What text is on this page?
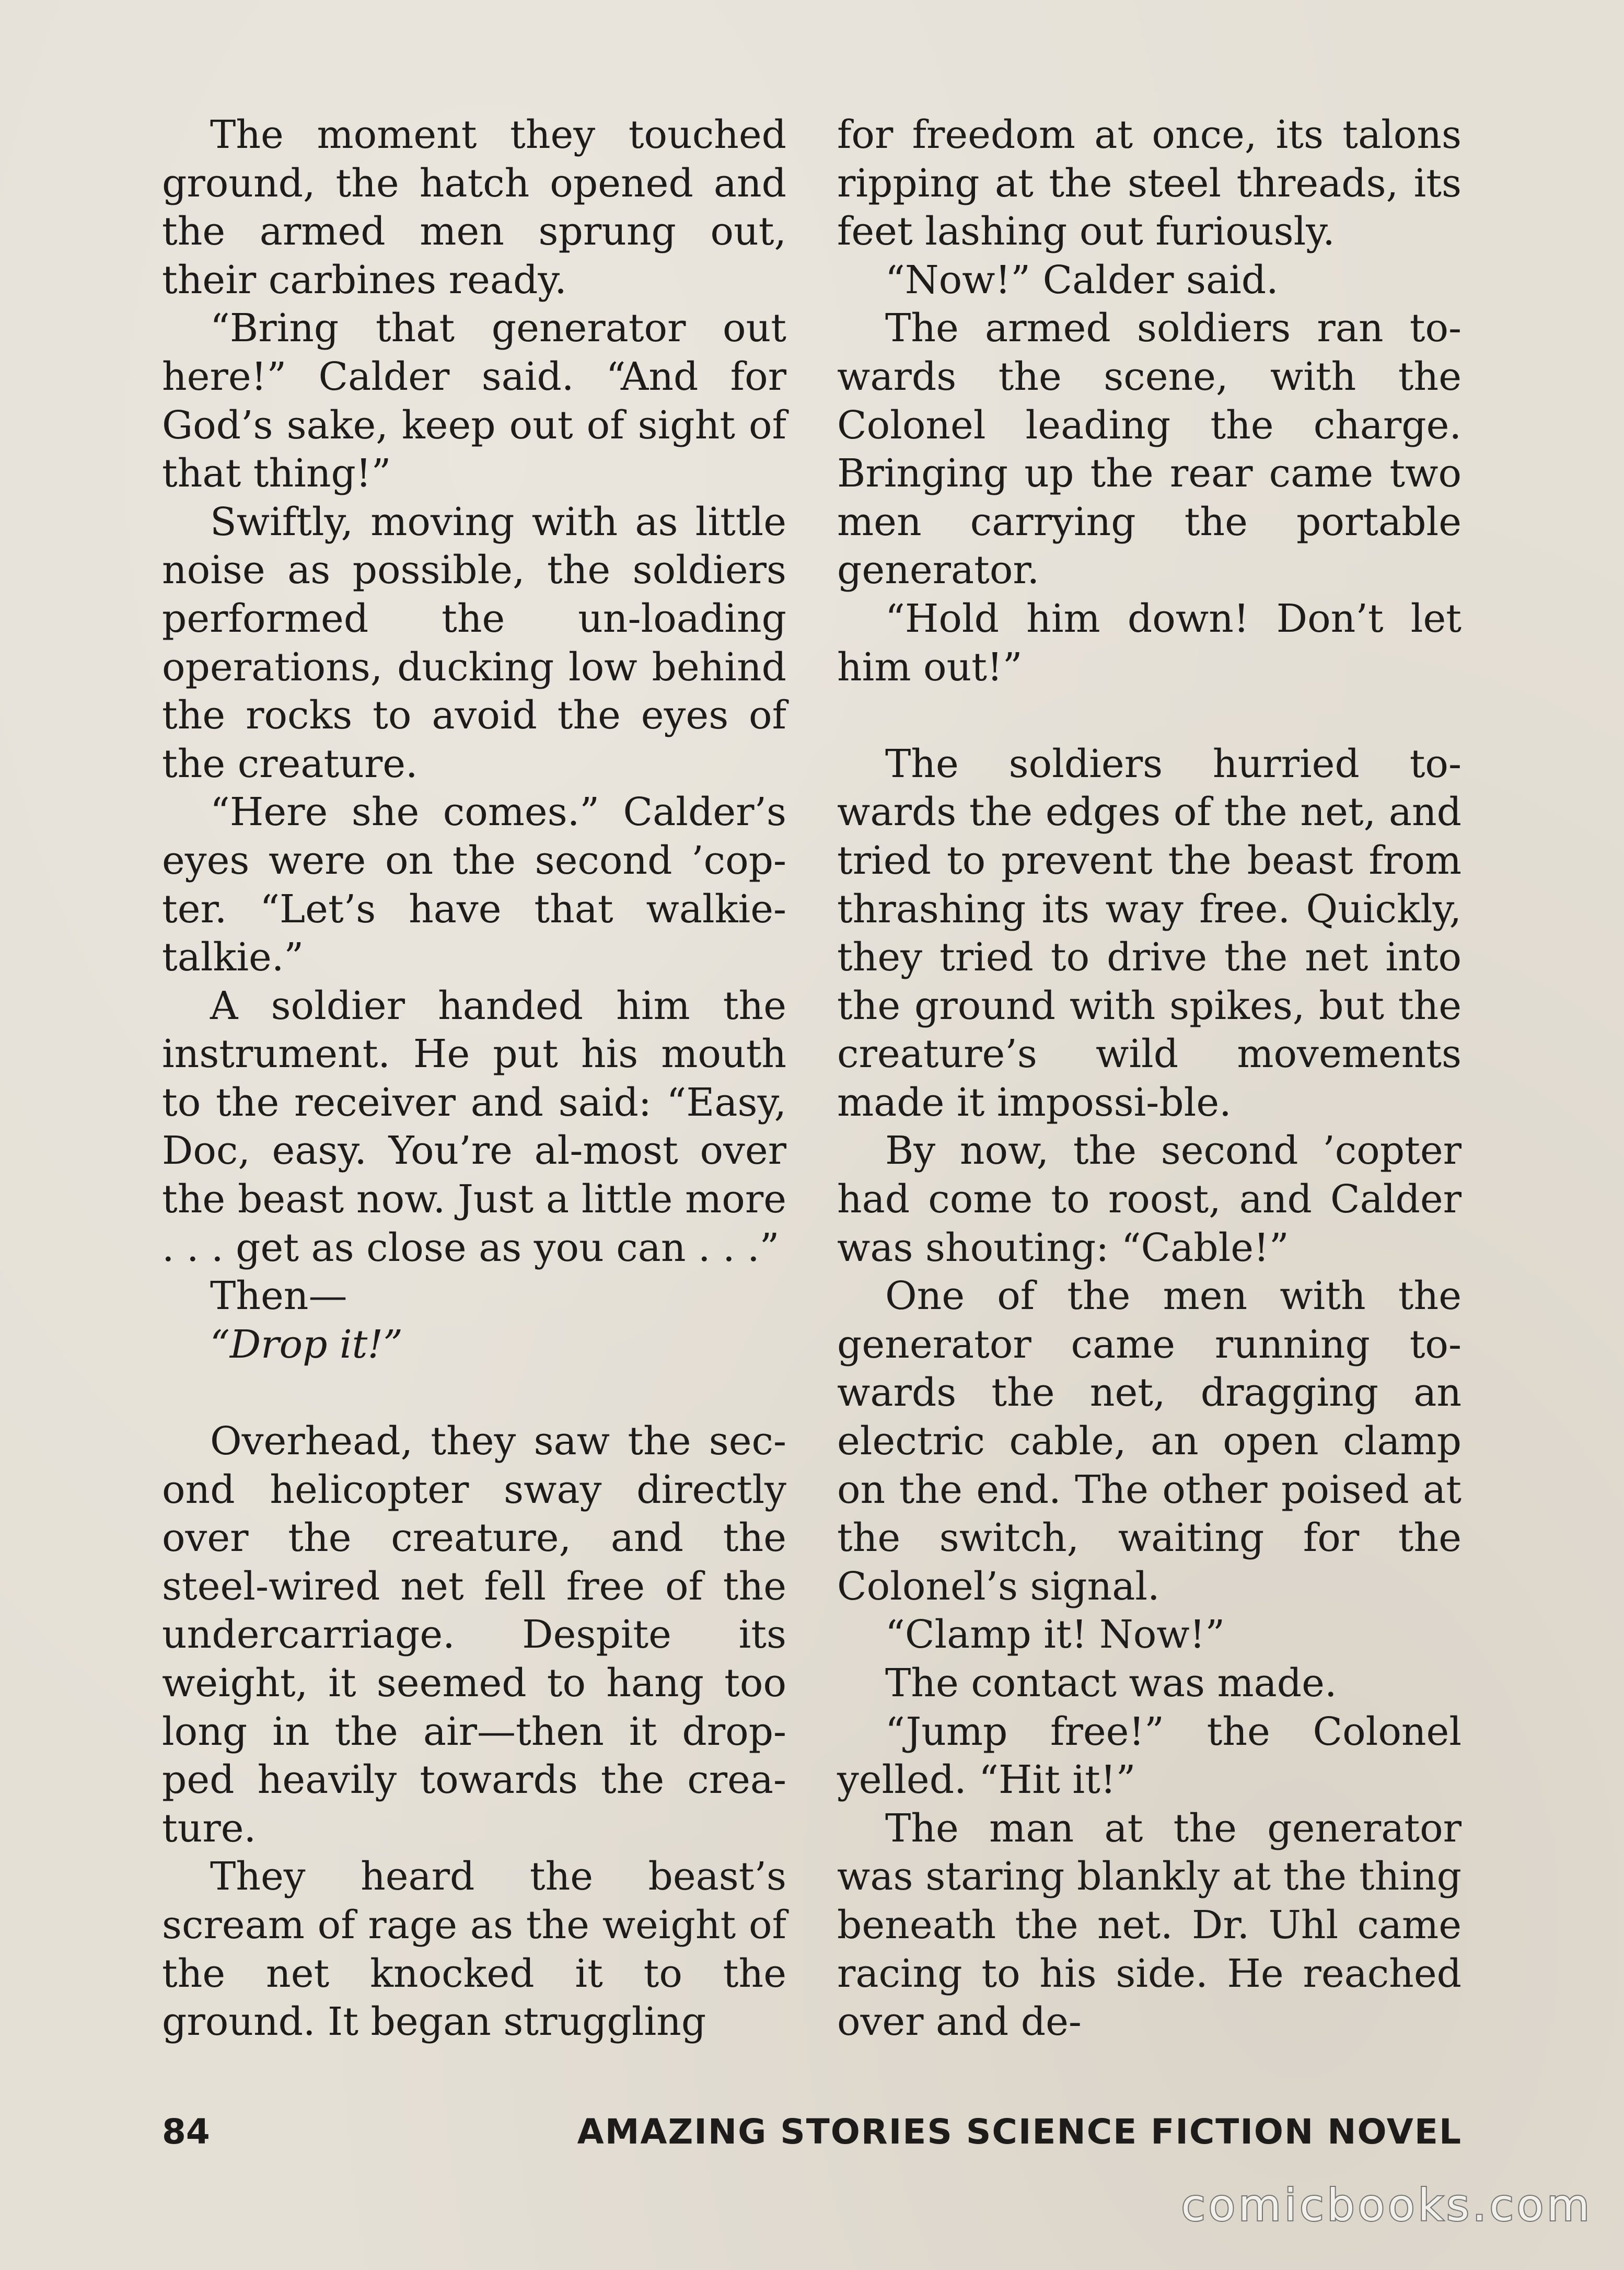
The moment they touched ground, the hatch opened and the armed men sprung out, their carbines ready.

“Bring that generator out here!” Calder said. “And for God’s sake, keep out of sight of that thing!”

Swiftly, moving with as little noise as possible, the soldiers performed the un-loading operations, ducking low behind the rocks to avoid the eyes of the creature.

“Here she comes.” Calder’s eyes were on the second ’cop-ter. “Let’s have that walkie-talkie.”

A soldier handed him the instrument. He put his mouth to the receiver and said: “Easy, Doc, easy. You’re al-most over the beast now. Just a little more . . . get as close as you can . . .”

Then—

“Drop it!”

Overhead, they saw the sec-ond helicopter sway directly over the creature, and the steel-wired net fell free of the undercarriage. Despite its weight, it seemed to hang too long in the air—then it drop-ped heavily towards the crea-ture.

They heard the beast’s scream of rage as the weight of the net knocked it to the ground. It began struggling

for freedom at once, its talons ripping at the steel threads, its feet lashing out furiously.

“Now!” Calder said.

The armed soldiers ran to-wards the scene, with the Colonel leading the charge. Bringing up the rear came two men carrying the portable generator.

“Hold him down! Don’t let him out!”

The soldiers hurried to-wards the edges of the net, and tried to prevent the beast from thrashing its way free. Quickly, they tried to drive the net into the ground with spikes, but the creature’s wild movements made it impossi-ble.

By now, the second ’copter had come to roost, and Calder was shouting: “Cable!”

One of the men with the generator came running to-wards the net, dragging an electric cable, an open clamp on the end. The other poised at the switch, waiting for the Colonel’s signal.

“Clamp it! Now!”

The contact was made.

“Jump free!” the Colonel yelled. “Hit it!”

The man at the generator was staring blankly at the thing beneath the net. Dr. Uhl came racing to his side. He reached over and de-

84	AMAZING STORIES SCIENCE FICTION NOVEL
comicbooks.com
